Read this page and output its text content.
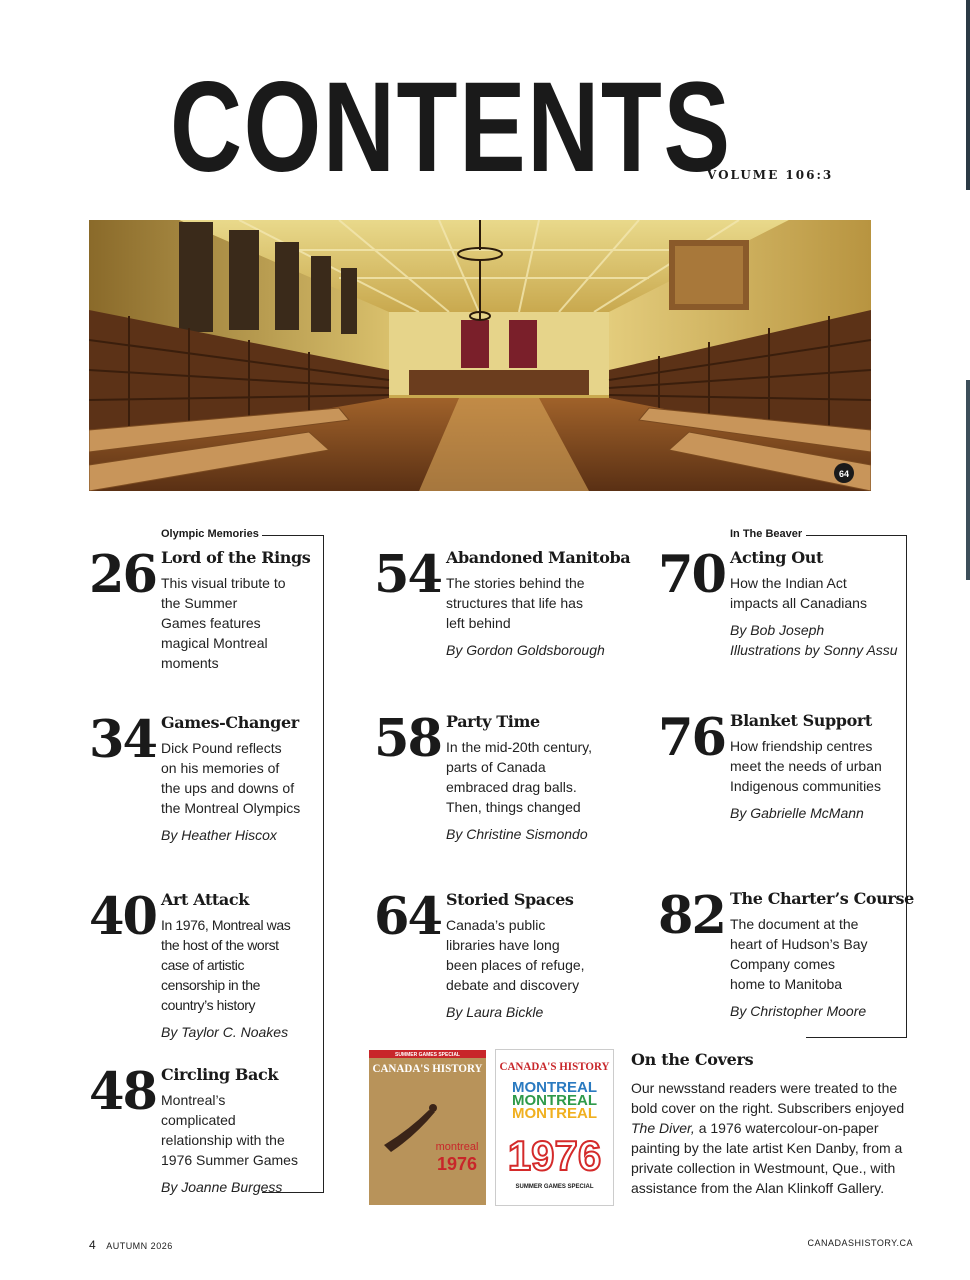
CONTENTS
VOLUME 106:3
64
Olympic Memories	In The Beaver
26 Lord of the Rings
This visual tribute to the Summer Games features magical Montreal moments
34 Games-Changer
Dick Pound reflects on his memories of the ups and downs of the Montreal Olympics
By Heather Hiscox
40 Art Attack
In 1976, Montreal was the host of the worst case of artistic censorship in the country’s history
By Taylor C. Noakes
48 Circling Back
Montreal’s complicated relationship with the 1976 Summer Games
By Joanne Burgess
54 Abandoned Manitoba
The stories behind the structures that life has left behind
By Gordon Goldsborough
58 Party Time
In the mid-20th century, parts of Canada embraced drag balls. Then, things changed
By Christine Sismondo
64 Storied Spaces
Canada’s public libraries have long been places of refuge, debate and discovery
By Laura Bickle
70 Acting Out
How the Indian Act impacts all Canadians
By Bob Joseph
Illustrations by Sonny Assu
76 Blanket Support
How friendship centres meet the needs of urban Indigenous communities
By Gabrielle McMann
82 The Charter’s Course
The document at the heart of Hudson’s Bay Company comes home to Manitoba
By Christopher Moore
SUMMER GAMES SPECIAL
CANADA'S HISTORY
montreal
1976
CANADA'S HISTORY
MONTREAL
MONTREAL
MONTREAL
1976
SUMMER GAMES SPECIAL
On the Covers
Our newsstand readers were treated to the bold cover on the right. Subscribers enjoyed The Diver, a 1976 watercolour-on-paper painting by the late artist Ken Danby, from a private collection in Westmount, Que., with assistance from the Alan Klinkoff Gallery.
4 AUTUMN 2026	CANADASHISTORY.CA
